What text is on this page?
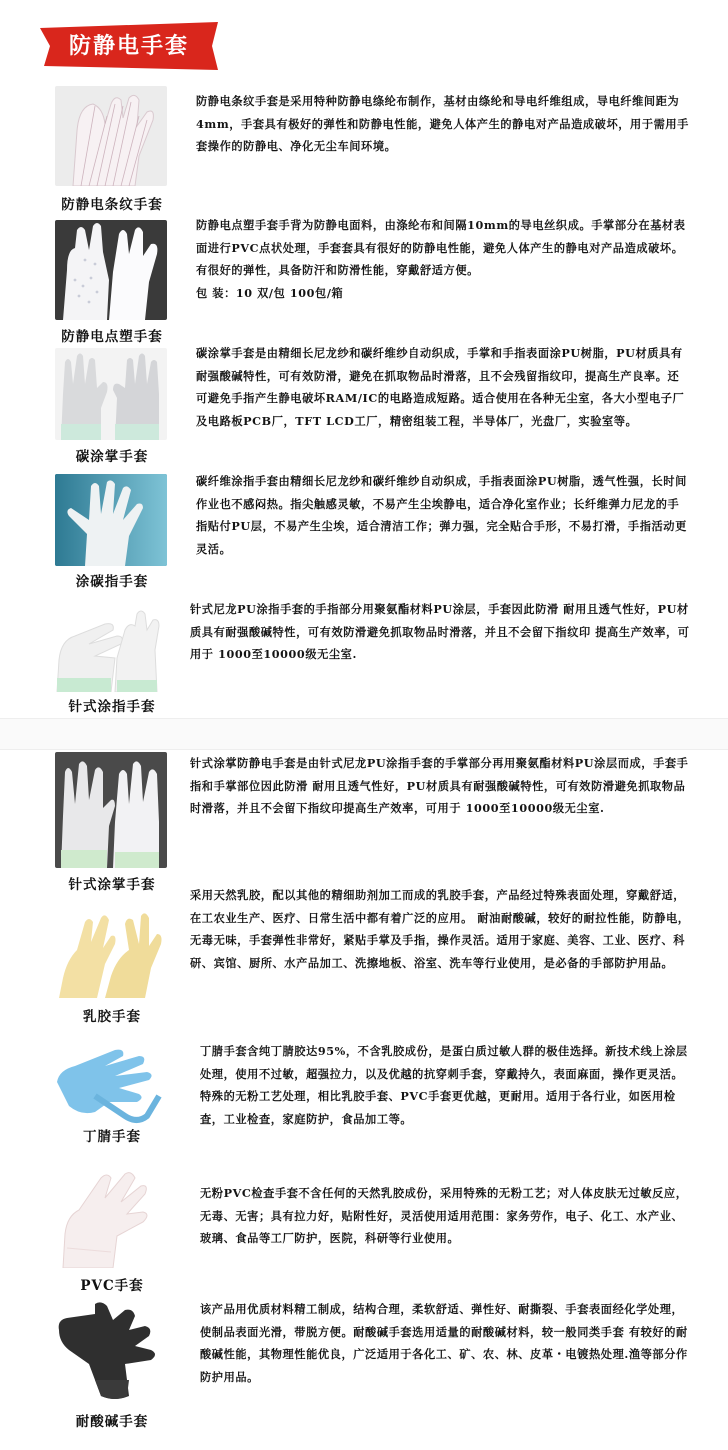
防静电手套
防静电条纹手套

防静电条纹手套是采用特种防静电绦纶布制作，基材由绦纶和导电纤维组成，导电纤维间距为4mm，手套具有极好的弹性和防静电性能，避免人体产生的静电对产品造成破坏，用于需用手套操作的防静电、净化无尘车间环境。

防静电点塑手套

防静电点塑手套手背为防静电面料，由涤纶布和间隔10mm的导电丝织成。手掌部分在基材表面进行PVC点状处理，手套套具有很好的防静电性能，避免人体产生的静电对产品造成破坏。有很好的弹性，具备防汗和防滑性能，穿戴舒适方便。

包 装：10 双/包 100包/箱

碳涂掌手套

碳涂掌手套是由精细长尼龙纱和碳纤维纱自动织成，手掌和手指表面涂PU树脂，PU材质具有耐强酸碱特性，可有效防滑，避免在抓取物品时滑落，且不会残留指纹印，提高生产良率。还可避免手指产生静电破坏RAM/IC的电路造成短路。适合使用在各种无尘室，各大小型电子厂及电路板PCB厂，TFT LCD工厂，精密组装工程，半导体厂，光盘厂，实验室等。

涂碳指手套

碳纤维涂指手套由精细长尼龙纱和碳纤维纱自动织成，手指表面涂PU树脂，透气性强，长时间作业也不感闷热。指尖触感灵敏，不易产生尘埃静电，适合净化室作业；长纤维弹力尼龙的手指贴付PU层，不易产生尘埃，适合清洁工作；弹力强，完全贴合手形，不易打滑，手指活动更灵活。

针式涂指手套

针式尼龙PU涂指手套的手指部分用聚氨酯材料PU涂层，手套因此防滑 耐用且透气性好，PU材质具有耐强酸碱特性，可有效防滑避免抓取物品时滑落，并且不会留下指纹印 提高生产效率，可用于 1000至10000级无尘室.

针式涂掌手套

针式涂掌防静电手套是由针式尼龙PU涂指手套的手掌部分再用聚氨酯材料PU涂层而成，手套手指和手掌部位因此防滑 耐用且透气性好，PU材质具有耐强酸碱特性，可有效防滑避免抓取物品时滑落，并且不会留下指纹印提高生产效率，可用于 1000至10000级无尘室.

乳胶手套

采用天然乳胶，配以其他的精细助剂加工而成的乳胶手套，产品经过特殊表面处理，穿戴舒适，在工农业生产、医疗、日常生活中都有着广泛的应用。 耐油耐酸碱，较好的耐拉性能，防静电，无毒无味，手套弹性非常好，紧贴手掌及手指，操作灵活。适用于家庭、美容、工业、医疗、科研、宾馆、厨所、水产品加工、洗擦地板、浴室、洗车等行业使用，是必备的手部防护用品。

丁腈手套

丁腈手套含纯丁腈胶达95%，不含乳胶成份，是蛋白质过敏人群的极佳选择。新技术线上涂层处理，使用不过敏，超强拉力，以及优越的抗穿刺手套，穿戴持久，表面麻面，操作更灵活。特殊的无粉工艺处理，相比乳胶手套、PVC手套更优越，更耐用。适用于各行业，如医用检查，工业检查，家庭防护，食品加工等。

PVC手套

无粉PVC检查手套不含任何的天然乳胶成份，采用特殊的无粉工艺；对人体皮肤无过敏反应，无毒、无害；具有拉力好，贴附性好，灵活使用适用范围：家务劳作，电子、化工、水产业、玻璃、食品等工厂防护，医院，科研等行业使用。

耐酸碱手套

该产品用优质材料精工制成，结构合理，柔软舒适、弹性好、耐撕裂、手套表面经化学处理，使制品表面光滑，带脱方便。耐酸碱手套选用适量的耐酸碱材料，较一般同类手套 有较好的耐酸碱性能，其物理性能优良，广泛适用于各化工、矿、农、林、皮革・电镀热处理.渔等部分作防护用品。
